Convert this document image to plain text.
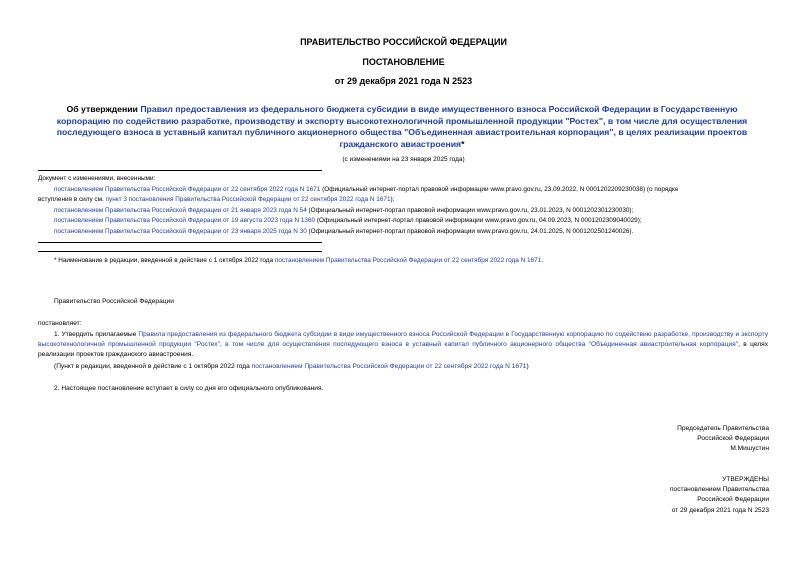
ПРАВИТЕЛЬСТВО РОССИЙСКОЙ ФЕДЕРАЦИИ
ПОСТАНОВЛЕНИЕ
от 29 декабря 2021 года N 2523
Об утверждении Правил предоставления из федерального бюджета субсидии в виде имущественного взноса Российской Федерации в Государственную корпорацию по содействию разработке, производству и экспорту высокотехнологичной промышленной продукции "Ростех", в том числе для осуществления последующего взноса в уставный капитал публичного акционерного общества "Объединенная авиастроительная корпорация", в целях реализации проектов гражданского авиастроения*
(с изменениями на 23 января 2025 года)
Документ с изменениями, внесенными:
постановлением Правительства Российской Федерации от 22 сентября 2022 года N 1671 (Официальный интернет-портал правовой информации www.pravo.gov.ru, 23.09.2022, N 0001202209230038) (о порядке
вступления в силу см. пункт 3 постановления Правительства Российской Федерации от 22 сентября 2022 года N 1671);
постановлением Правительства Российской Федерации от 21 января 2023 года N 54 (Официальный интернет-портал правовой информации www.pravo.gov.ru, 23.01.2023, N 0001202301230030);
постановлением Правительства Российской Федерации от 19 августа 2023 года N 1360 (Официальный интернет-портал правовой информации www.pravo.gov.ru, 04.09.2023, N 0001202309040029);
постановлением Правительства Российской Федерации от 23 января 2025 года N 30 (Официальный интернет-портал правовой информации www.pravo.gov.ru, 24.01.2025, N 0001202501240026).
* Наименование в редакции, введенной в действие с 1 октября 2022 года постановлением Правительства Российской Федерации от 22 сентября 2022 года N 1671.
Правительство Российской Федерации
постановляет:
1. Утвердить прилагаемые Правила предоставления из федерального бюджета субсидии в виде имущественного взноса Российской Федерации в Государственную корпорацию по содействию разработке, производству и экспорту высокотехнологичной промышленной продукции "Ростех", в том числе для осуществления последующего взноса в уставный капитал публичного акционерного общества "Объединенная авиастроительная корпорация", в целях реализации проектов гражданского авиастроения.
(Пункт в редакции, введенной в действие с 1 октября 2022 года постановлением Правительства Российской Федерации от 22 сентября 2022 года N 1671)
2. Настоящее постановление вступает в силу со дня его официального опубликования.
Председатель Правительства
Российской Федерации
М.Мишустин
УТВЕРЖДЕНЫ
постановлением Правительства
Российской Федерации
от 29 декабря 2021 года N 2523
